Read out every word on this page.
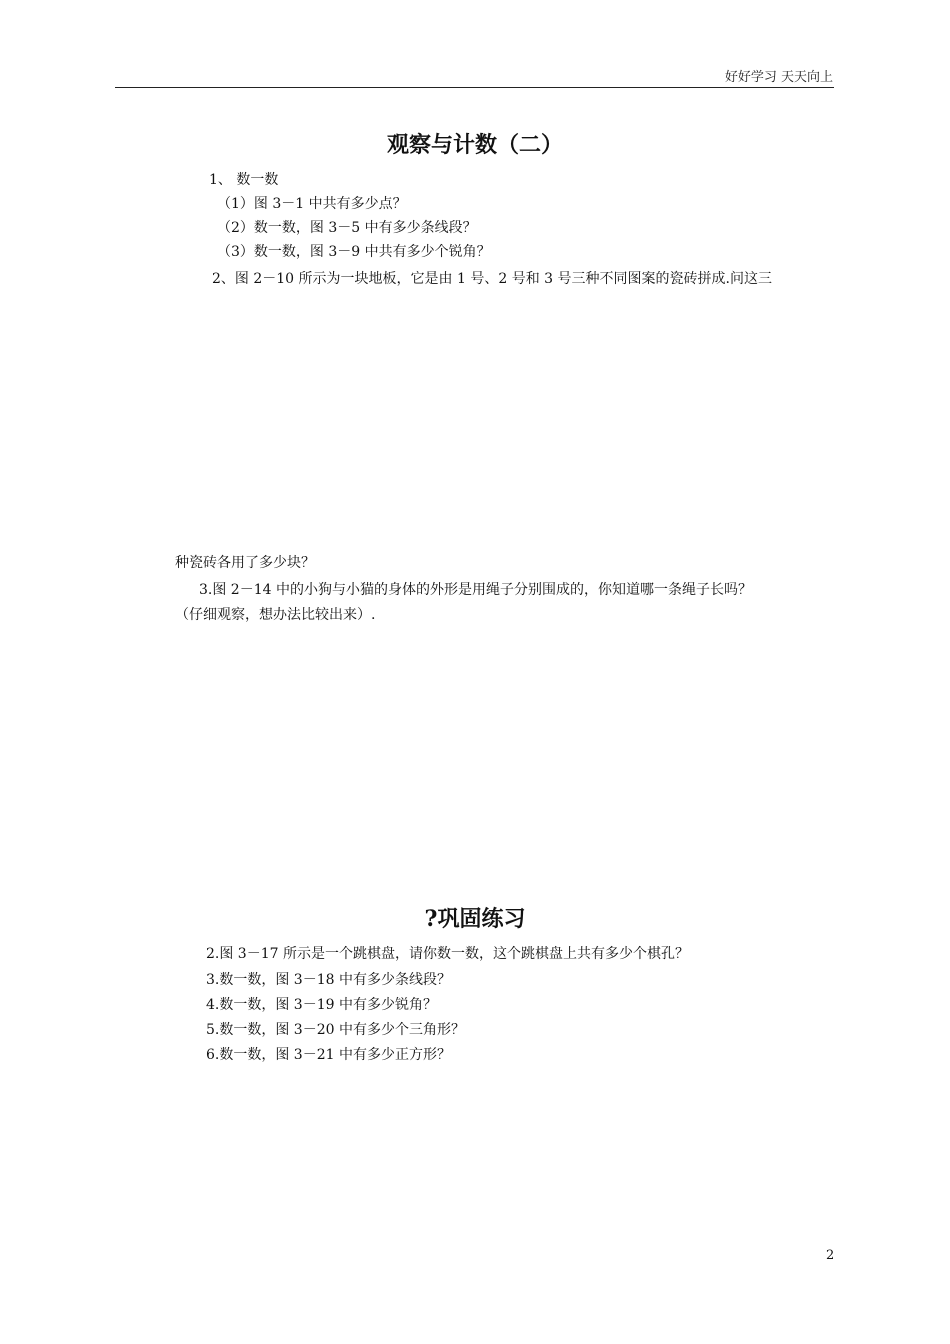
好好学习 天天向上
观察与计数（二）
1、 数一数
（1）图 3－1 中共有多少点？
（2）数一数，图 3－5 中有多少条线段？
（3）数一数，图 3－9 中共有多少个锐角？
2、图 2－10 所示为一块地板，它是由 1 号、2 号和 3 号三种不同图案的瓷砖拼成.问这三
种瓷砖各用了多少块？
3.图 2－14 中的小狗与小猫的身体的外形是用绳子分别围成的，你知道哪一条绳子长吗？
（仔细观察，想办法比较出来）.
?巩固练习
2.图 3－17 所示是一个跳棋盘，请你数一数，这个跳棋盘上共有多少个棋孔？
3.数一数，图 3－18 中有多少条线段？
4.数一数，图 3－19 中有多少锐角？
5.数一数，图 3－20 中有多少个三角形？
6.数一数，图 3－21 中有多少正方形？
2
